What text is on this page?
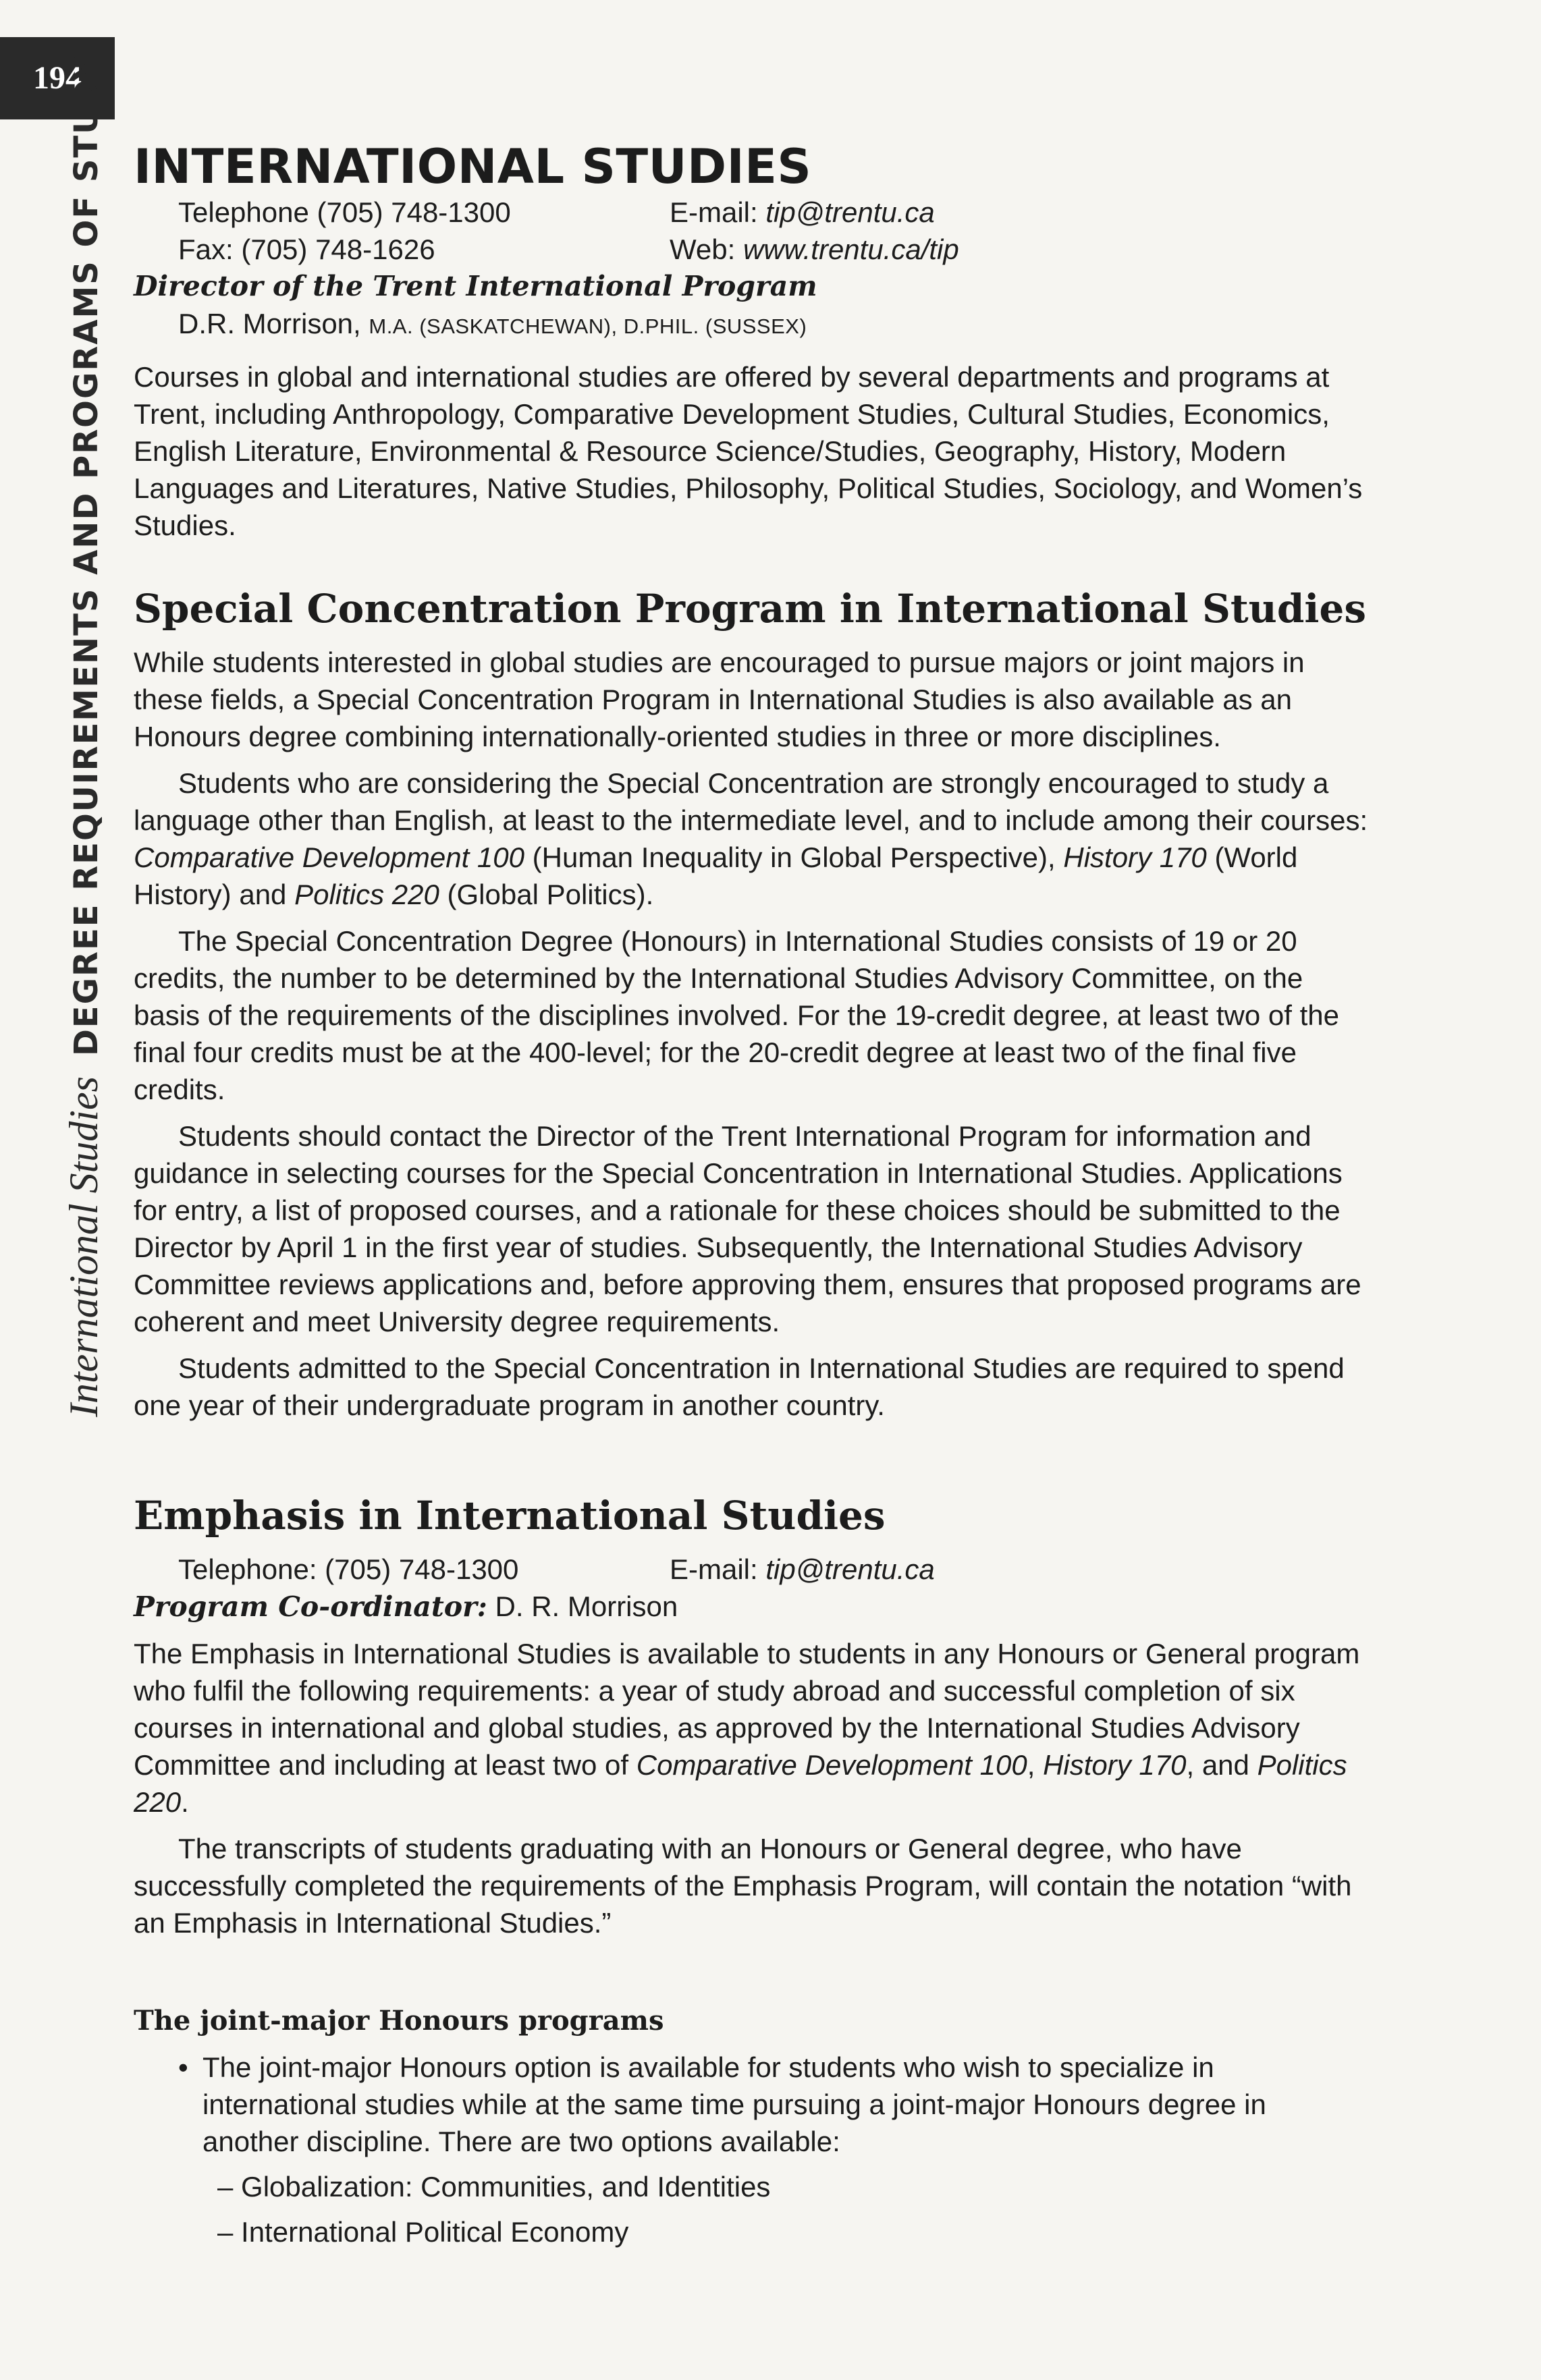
194
International StudiesDEGREE REQUIREMENTS AND PROGRAMS OF STUDY INTERNATIONAL STUDIES
Telephone (705) 748-1300	E-mail: tip@trentu.ca
Fax: (705) 748-1626	Web: www.trentu.ca/tip
Director of the Trent International Program
D.R. Morrison, M.A. (SASKATCHEWAN), D.PHIL. (SUSSEX)

Courses in global and international studies are offered by several departments and programs at Trent, including Anthropology, Comparative Development Studies, Cultural Studies, Economics, English Literature, Environmental & Resource Science/Studies, Geography, History, Modern Languages and Literatures, Native Studies, Philosophy, Political Studies, Sociology, and Women’s Studies.

Special Concentration Program in International Studies

While students interested in global studies are encouraged to pursue majors or joint majors in these fields, a Special Concentration Program in International Studies is also available as an Honours degree combining internationally-oriented studies in three or more disciplines.

Students who are considering the Special Concentration are strongly encouraged to study a language other than English, at least to the intermediate level, and to include among their courses: Comparative Development 100 (Human Inequality in Global Perspective), History 170 (World History) and Politics 220 (Global Politics).

The Special Concentration Degree (Honours) in International Studies consists of 19 or 20 credits, the number to be determined by the International Studies Advisory Committee, on the basis of the requirements of the disciplines involved. For the 19-credit degree, at least two of the final four credits must be at the 400-level; for the 20-credit degree at least two of the final five credits.

Students should contact the Director of the Trent International Program for information and guidance in selecting courses for the Special Concentration in International Studies. Applications for entry, a list of proposed courses, and a rationale for these choices should be submitted to the Director by April 1 in the first year of studies. Subsequently, the International Studies Advisory Committee reviews applications and, before approving them, ensures that proposed programs are coherent and meet University degree requirements.

Students admitted to the Special Concentration in International Studies are required to spend one year of their undergraduate program in another country.

Emphasis in International Studies
Telephone: (705) 748-1300	E-mail: tip@trentu.ca
Program Co-ordinator: D. R. Morrison

The Emphasis in International Studies is available to students in any Honours or General program who fulfil the following requirements: a year of study abroad and successful completion of six courses in international and global studies, as approved by the International Studies Advisory Committee and including at least two of Comparative Development 100, History 170, and Politics 220.

The transcripts of students graduating with an Honours or General degree, who have successfully completed the requirements of the Emphasis Program, will contain the notation “with an Emphasis in International Studies.”

The joint-major Honours programs
• The joint-major Honours option is available for students who wish to specialize in international studies while at the same time pursuing a joint-major Honours degree in another discipline. There are two options available:
– Globalization: Communities, and Identities
– International Political Economy
